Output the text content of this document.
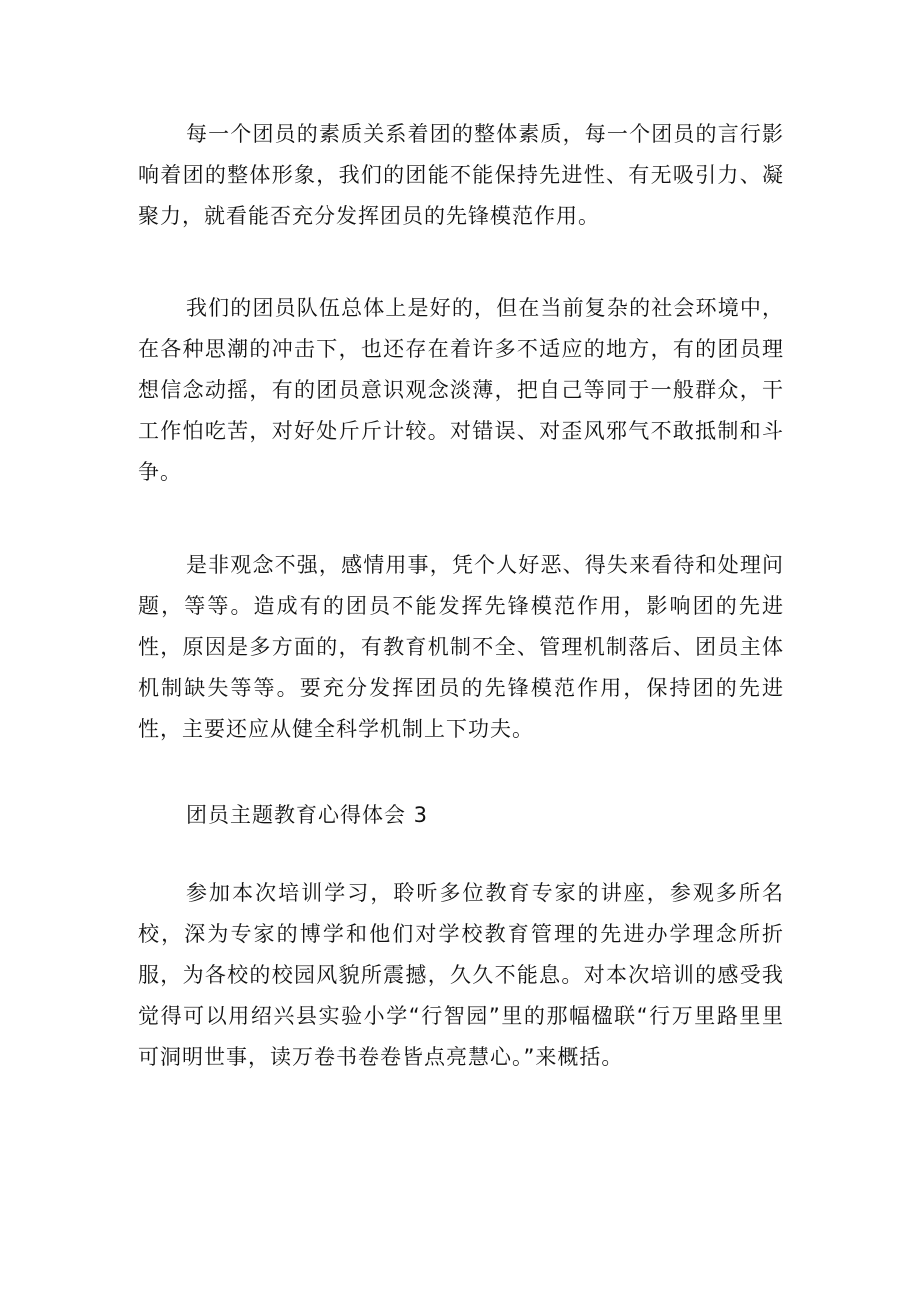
每一个团员的素质关系着团的整体素质，每一个团员的言行影响着团的整体形象，我们的团能不能保持先进性、有无吸引力、凝聚力，就看能否充分发挥团员的先锋模范作用。

我们的团员队伍总体上是好的，但在当前复杂的社会环境中，在各种思潮的冲击下，也还存在着许多不适应的地方，有的团员理想信念动摇，有的团员意识观念淡薄，把自己等同于一般群众，干工作怕吃苦，对好处斤斤计较。对错误、对歪风邪气不敢抵制和斗争。

是非观念不强，感情用事，凭个人好恶、得失来看待和处理问题，等等。造成有的团员不能发挥先锋模范作用，影响团的先进性，原因是多方面的，有教育机制不全、管理机制落后、团员主体机制缺失等等。要充分发挥团员的先锋模范作用，保持团的先进性，主要还应从健全科学机制上下功夫。

团员主题教育心得体会 3

参加本次培训学习，聆听多位教育专家的讲座，参观多所名校，深为专家的博学和他们对学校教育管理的先进办学理念所折服，为各校的校园风貌所震撼，久久不能息。对本次培训的感受我觉得可以用绍兴县实验小学“行智园”里的那幅楹联“行万里路里里可洞明世事，读万卷书卷卷皆点亮慧心。”来概括。
